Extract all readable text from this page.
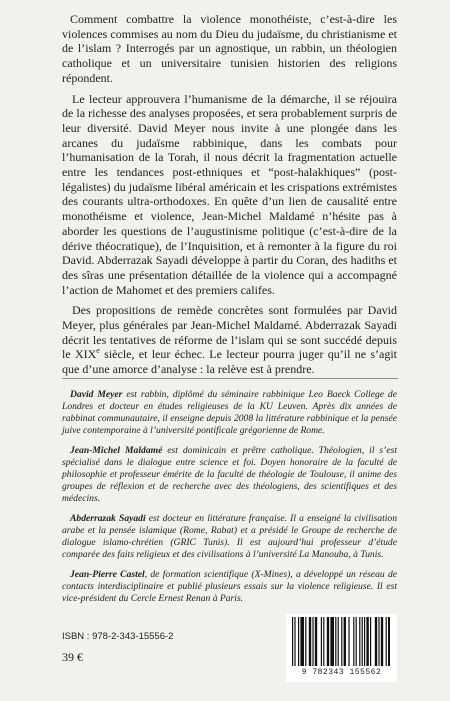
Comment combattre la violence monothéiste, c’est-à-dire les violences commises au nom du Dieu du judaïsme, du christianisme et de l’islam ? Interrogés par un agnostique, un rabbin, un théologien catholique et un universitaire tunisien historien des religions répondent.

Le lecteur approuvera l’humanisme de la démarche, il se réjouira de la richesse des analyses proposées, et sera probablement surpris de leur diversité. David Meyer nous invite à une plongée dans les arcanes du judaïsme rabbinique, dans les combats pour l’humanisation de la Torah, il nous décrit la fragmentation actuelle entre les tendances post-ethniques et “post-halakhiques” (post-légalistes) du judaïsme libéral américain et les crispations extrémistes des courants ultra-orthodoxes. En quête d’un lien de causalité entre monothéisme et violence, Jean-Michel Maldamé n’hésite pas à aborder les questions de l’augustinisme politique (c’est-à-dire de la dérive théocratique), de l’Inquisition, et à remonter à la figure du roi David. Abderrazak Sayadi développe à partir du Coran, des hadiths et des sîras une présentation détaillée de la violence qui a accompagné l’action de Mahomet et des premiers califes.

Des propositions de remède concrètes sont formulées par David Meyer, plus générales par Jean-Michel Maldamé. Abderrazak Sayadi décrit les tentatives de réforme de l’islam qui se sont succédé depuis le XIXe siècle, et leur échec. Le lecteur pourra juger qu’il ne s’agit que d’une amorce d’analyse : la relève est à prendre.

David Meyer est rabbin, diplômé du séminaire rabbinique Leo Baeck College de Londres et docteur en études religieuses de la KU Leuven. Après dix années de rabbinat communautaire, il enseigne depuis 2008 la littérature rabbinique et la pensée juive contemporaine à l’université pontificale grégorienne de Rome.

Jean-Michel Maldamé est dominicain et prêtre catholique. Théologien, il s’est spécialisé dans le dialogue entre science et foi. Doyen honoraire de la faculté de philosophie et professeur émérite de la faculté de théologie de Toulouse, il anime des groupes de réflexion et de recherche avec des théologiens, des scientifiques et des médecins.

Abderrazak Sayadi est docteur en littérature française. Il a enseigné la civilisation arabe et la pensée islamique (Rome, Rabat) et a présidé le Groupe de recherche de dialogue islamo-chrétien (GRIC Tunis). Il est aujourd’hui professeur d’étude comparée des faits religieux et des civilisations à l’université La Manouba, à Tunis.

Jean-Pierre Castel, de formation scientifique (X-Mines), a développé un réseau de contacts interdisciplinaire et publié plusieurs essais sur la violence religieuse. Il est vice-président du Cercle Ernest Renan à Paris.

ISBN : 978-2-343-15556-2
39 €
9 782343 155562
